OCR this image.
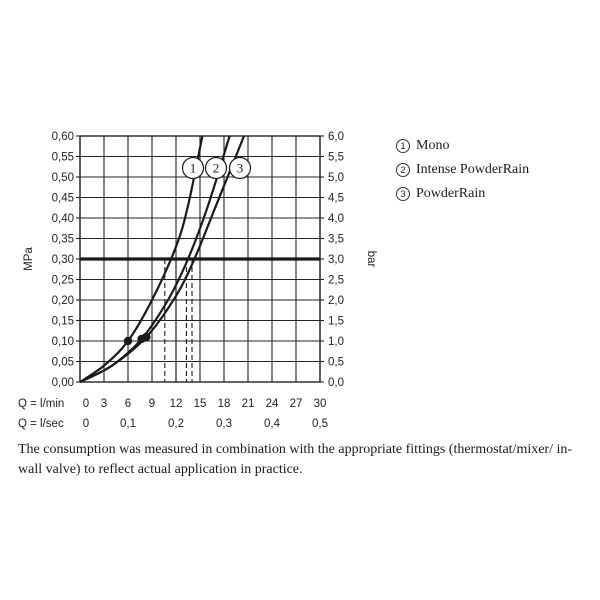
1 2 3
0,00
0,05
0,10
0,15
0,20
0,25
0,30
0,35
0,40
0,45
0,50
0,55
0,60
0,0
0,5
1,0
1,5
2,0
2,5
3,0
3,5
4,0
4,5
5,0
5,5
6,0
0 3 6 9 12 15 18 21 24 27 30
0	0,1	0,2	0,3	0,4	0,5
Q = l/min
Q = l/sec
MPa	bar
1 Mono
2 Intense PowderRain
3 PowderRain

The consumption was measured in combination with the appropriate fittings (thermostat/mixer/ in-wall valve) to reflect actual application in practice.
